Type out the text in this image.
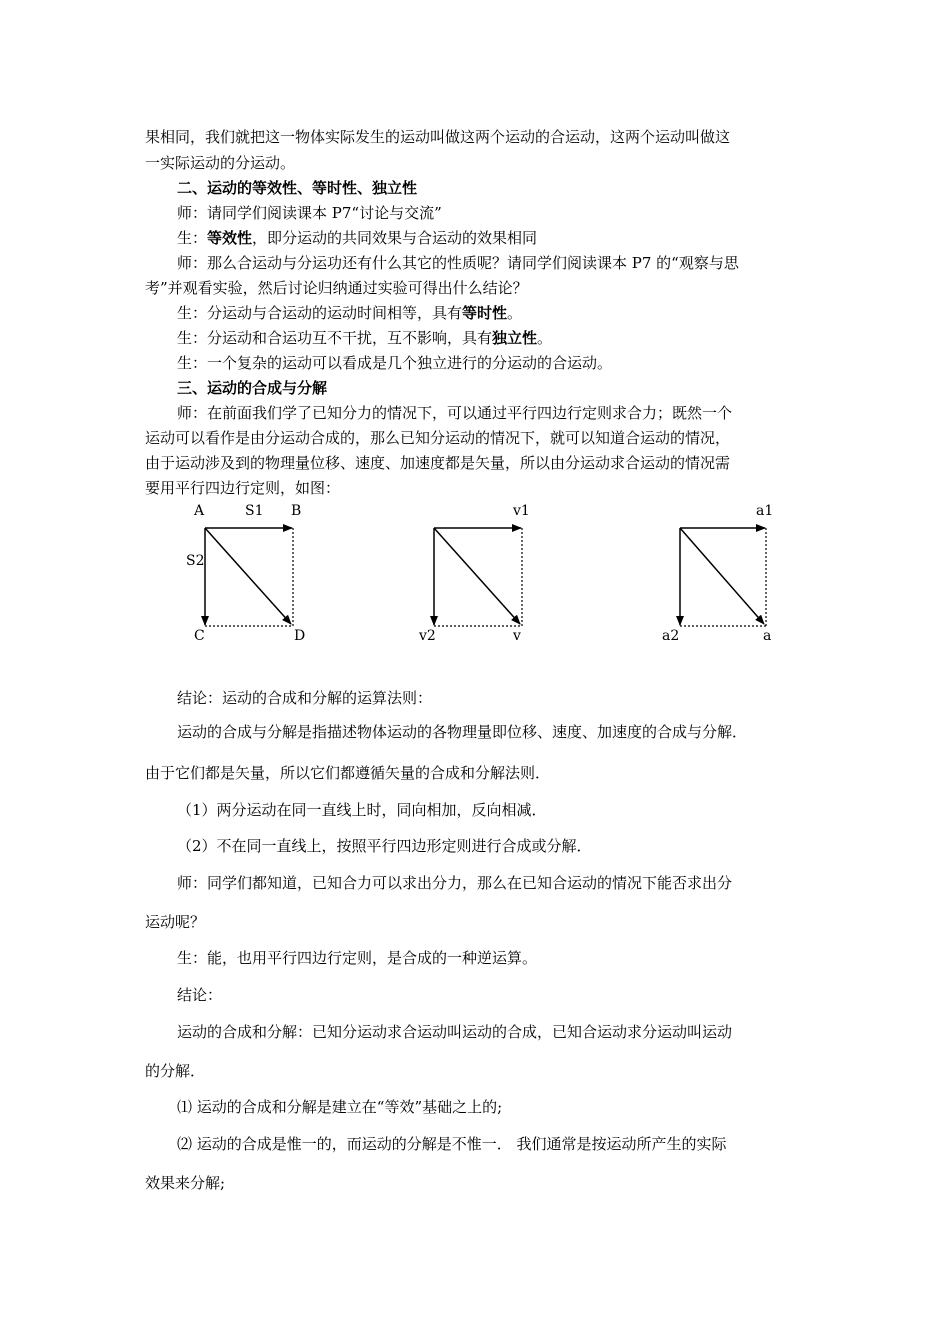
果相同，我们就把这一物体实际发生的运动叫做这两个运动的合运动，这两个运动叫做这
一实际运动的分运动。
二、运动的等效性、等时性、独立性
师：请同学们阅读课本 P7“讨论与交流”
生：等效性，即分运动的共同效果与合运动的效果相同
师：那么合运动与分运功还有什么其它的性质呢？请同学们阅读课本 P7 的“观察与思
考”并观看实验，然后讨论归纳通过实验可得出什么结论？
生：分运动与合运动的运动时间相等，具有等时性。
生：分运动和合运功互不干扰，互不影响，具有独立性。
生：一个复杂的运动可以看成是几个独立进行的分运动的合运动。
三、运动的合成与分解
师：在前面我们学了已知分力的情况下，可以通过平行四边行定则求合力；既然一个
运动可以看作是由分运动合成的，那么已知分运动的情况下，就可以知道合运动的情况，
由于运动涉及到的物理量位移、速度、加速度都是矢量，所以由分运动求合运动的情况需
要用平行四边行定则，如图：
A	S1 B
S2
C	D
v1
v2	v
a1
a2	a
结论：运动的合成和分解的运算法则：
运动的合成与分解是指描述物体运动的各物理量即位移、速度、加速度的合成与分解．
由于它们都是矢量，所以它们都遵循矢量的合成和分解法则．
（1）两分运动在同一直线上时，同向相加，反向相减．
（2）不在同一直线上，按照平行四边形定则进行合成或分解．
师：同学们都知道，已知合力可以求出分力，那么在已知合运动的情况下能否求出分
运动呢？
生：能，也用平行四边行定则，是合成的一种逆运算。
结论：
运动的合成和分解：已知分运动求合运动叫运动的合成，已知合运动求分运动叫运动
的分解．
⑴ 运动的合成和分解是建立在“等效”基础之上的;
⑵ 运动的合成是惟一的，而运动的分解是不惟一． 我们通常是按运动所产生的实际
效果来分解;
